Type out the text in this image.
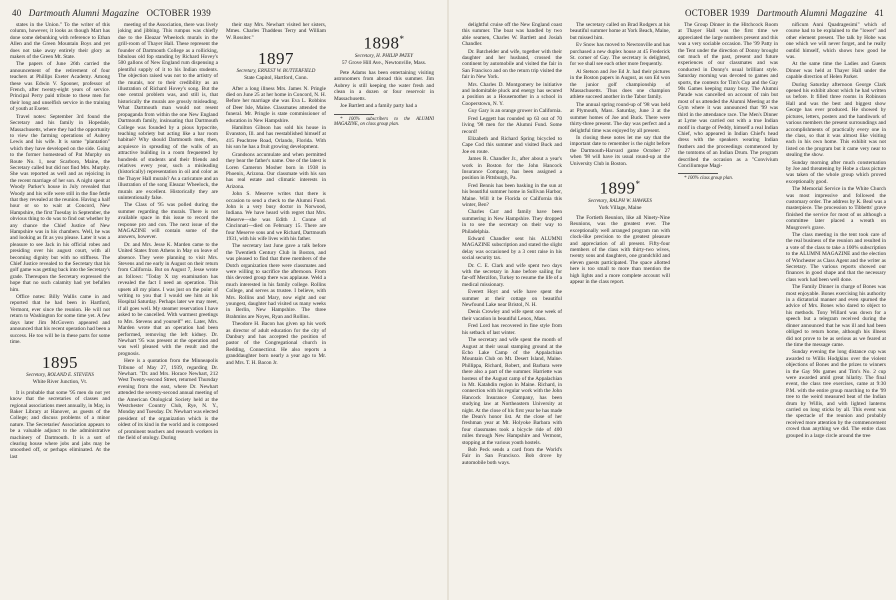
40 Dartmouth Alumni Magazine OCTOBER 1939	OCTOBER 1939 Dartmouth Alumni Magazine 41

states in the Union." To the writer of this column, however, it looks as though Mart has done some debunking with reference to Ethan Allen and the Green Mountain Boys and yet does not take away entirely their glory as makers of the Green Mt. State.

The papers of June 26th carried the announcement of the retirement of four teachers at Phillips Exeter Academy. Among these was Edwin V. Spooner, professor of French, after twenty-eight years of service. Principal Perry paid tribute to these men for their long and unselfish service in the training of youth at Exeter.

Travel notes: September 3rd found the Secretary and his family in Hopedale, Massachusetts, where they had the opportunity to view the farming operations of Aubrey Lewis and his wife. It is some "plantation" which they have developed on the side. Going to the former homestead of Pat Murphy on Route No. 1, near Scarboro, Maine, the Secretary called but did not find Mrs. Murphy. She was reported as well and as rejoicing in the recent marriage of her son. A night spent at Woody Parker's house in July revealed that Woody and his wife were still in the fine fettle that they revealed at the reunion. Having a half hour or so to wait at Concord, New Hampshire, the first Tuesday in September, the obvious thing to do was to find out whether by any chance the Chief Justice of New Hampshire was in his chambers. Well, he was and looking as fit as you please. Later it was a pleasure to see Jack in his official robes and presiding over his august court, with all becoming dignity but with no stiffness. The Chief Justice revealed to the Secretary that his golf game was getting back into the Secretary's grade. Thereupon the Secretary expressed the hope that no such calamity had yet befallen him.

Office notes: Billy Wallis came in and reported that he had been in Hartford, Vermont, ever since the reunion. He will not return to Washington for some time yet. A few days later Jim McGovern appeared and announced that his recent operation had been a success. He too will be in these parts for some time.

1895
Secretary, ROLAND E. STEVENS
White River Junction, Vt.

It is probable that some '95 men do not yet know that the secretaries of classes and regional associations meet annually, in May, in Baker Library at Hanover, as guests of the College; and discuss problems of a minor nature. The Secretaries' Association appears to be a valuable adjunct to the administrative machinery of Dartmouth. It is a sort of clearing house where jobs and jabs may be smoothed off, or perhaps eliminated. At the last

meeting of the Association, there was lively joking and jibbing. This rumpus was chiefly due to the Eleazar Wheelock murals in the grill-room of Thayer Hall. These represent the founder of Dartmouth College as a rollicking, bibulous old fop standing by Richard Hovey's 500 gallons of New England rum dispensing a plentiful supply of it to his Indian students. The objection raised was not to the artistry of the murals, nor to their credibility as an illustration of Richard Hovey's song. But the one central problem was, and still is, that historically the murals are grossly misleading. What Dartmouth man would not resent propaganda from within the one New England Dartmouth family, insinuating that Dartmouth College was founded by a pious hypocrite, teaching sobriety but acting like a bar room habitué? Why should Dartmouth men, then, acquiesce in spreading of the walls of an attractive building in a room frequented by hundreds of students and their friends and relatives every year, such a misleading (historically) representation in oil and color as the Thayer Hall murals? As a caricature and an illustration of the song Eleazar Wheelock, the murals are excellent. Historically they are unintentionally false.

The Class of '95 was polled during the summer regarding the murals. There is not available space in this issue to record the response pro and con. The next issue of the MAGAZINE will contain some of the answers, however.

Dr. and Mrs. Jesse K. Marden came to the United States from Athens in May on leave of absence. They were planning to visit Mrs. Stevens and me early in August on their return from California. But on August 7, Jesse wrote as follows: "Today X ray examination has revealed the fact I need an operation. This upsets all my plans. I was just on the point of writing to you that I would see him at his Hospital Saturday. Perhaps later we may meet, if all goes well. My steamer reservation I have asked to be cancelled. With warmest greetings to Mrs. Stevens and yourself" etc. Later, Mrs. Marden wrote that an operation had been performed, removing the left kidney. Dr. Newhart '95 was present at the operation and was well pleased with the result and the prognosis.

Here is a quotation from the Minneapolis Tribune of May 27, 1939, regarding Dr. Newhart. "Dr. and Mrs. Horace Newhart, 212 West Twenty-second Street, returned Thursday evening from the east, where Dr. Newhart attended the seventy-second annual meeting of the American Otological Society held at the Westchester Country Club, Rye, N. Y., Monday and Tuesday. Dr. Newhart was elected president of the organization which is the oldest of its kind in the world and is composed of prominent teachers and research workers in the field of otology. During

their stay Mrs. Newhart visited her sisters, Mmes. Charles Thaddeus Terry and William W. Rossiter."

1897
Secretary, ERNEST W. BUTTERFIELD
State Capitol, Hartford, Conn.

After a long illness Mrs. James N. Pringle died on June 25 at her home in Concord, N. H. Before her marriage she was Eva L. Robbins of Deer Isle, Maine. Classmates attended the funeral. Mr. Pringle is state commissioner of education in New Hampshire.

Hamilton Gibson has sold his house in Evanston, Ill. and has reestablished himself at 415 Peachtree Road, Orlando, Florida. With his son he has a fruit growing development.

Grandsons accumulate and when permitted they bear the father's name. One of the latest is Loren Cameron Mosher born in 1938 in Phoenix, Arizona. Our classmate with his son has real estate and climatic interests in Arizona.

John S. Meserve writes that there is occasion to send a check to the Alumni Fund. John is a very busy doctor in Norwood, Indiana. We have heard with regret that Mrs. Meserve—she was Edith J. Conne of Cincinnati—died on February 15. There are four Meserve sons and we Richard, Dartmouth 1931, with his wife lives with his father.

The secretary last June gave a talk before the Twentieth Century Club in Boston, and was pleased to find that three members of the Dutch organization there were classmates and were willing to sacrifice the afternoon. From this devoted group there was applause. Weld a much interested in his family college. Rollins College, and serves as trustee. I believe, with Mrs. Rollins and Mary, now eight and our youngest, daughter had visited us many weeks in Berlin, New Hampshire. The three Brahmins are Noyes, Ryan and Rollins.

Theodore H. Bacon has given up his work as director of adult education for the city of Danbury and has accepted the position of pastor of the Congregational church in Redding, Connecticut. He also reports a granddaughter born nearly a year ago to Mr. and Mrs. T. H. Bacon Jr.

1898*
Secretary, H. PHILIP PATEY
57 Grove Hill Ave., Newtonville, Mass.

Pete Adams has been entertaining visiting astronomers from abroad this summer. Jim Aubrey is still keeping the water fresh and clean in a dozen or four reservoir in Massachusetts.

Joe Bartlett and a family party had a

* 100% subscribers to the ALUMNI MAGAZINE, on class group plan.

delightful cruise off the New England coast this summer. The boat was handled by two able seamen, Charles W. Bartlett and Josiah Chandler.

Dr. Batchelder and wife, together with their daughter and her husband, crossed the continent by automobile and visited the fair in San Francisco and on the return trip visited the fair in New York.

Mrs. Charles D. Montgomery be initiative and indomitable pluck and energy has secured a position as a Housemother in a school in Cooperstown, N. Y.

Guy Gary is an orange grower in California.

Fred Leggett has rounded up 63 out of 70 living '98 men for the Alumni Fund. Some record!

Elizabeth and Richard Spring bicycled to Cape Cod this summer and visited Buck and Joe en route.

James R. Chandler Jr., after about a year's work in Boston for the John Hancock Insurance Company, has been assigned a position in Pittsburgh, Pa.

Fred Bennis has been basking in the sun at his beautiful summer home in Sullivan Harbor, Maine. Will it be Florida or California this winter, Ben?

Charles Carr and family have been summering in New Hampshire. They dropped in to see the secretary on their way to Philadelphia.

Edward Chandler sent his ALUMNI MAGAZINE subscription and stated the slight delay was occasioned by a 3 cent raise in his social security tax.

Dr. C. E. Clark and wife spent two days with the secretary in June before sailing for far-off Merzifon, Turkey to resume the life of a medical missionary.

Everett Hoyt and wife have spent the summer at their cottage on beautiful Newfound Lake near Bristol, N. H.

Denis Crowley and wife spent one week of their vacation in beautiful Lenox, Mass.

Fred Lord has recovered in fine style from his setback of last winter.

The secretary and wife spent the month of August at their usual stamping ground at the Echo Lake Camp of the Appalachian Mountain Club on Mt. Desert Island, Maine. Phillippa, Richard, Robert, and Barbara were there also a part of the summer. Harriette was hostess of the August camp of the Appalachian in Mt. Katahdin region in Maine. Richard, in connection with his regular work with the John Hancock Insurance Company, has been studying law at Northeastern University at night. At the close of his first year he has made the Dean's honor list. At the close of her freshman year at Mt. Holyoke Barbara with four classmates took a bicycle ride of 400 miles through New Hampshire and Vermont, stopping at the various youth hostels.

Bob Peck sends a card from the World's Fair in San Francisco. Bob drove by automobile both ways.

The secretary called on Brad Rodgers at his beautiful summer home at York Beach, Maine, but missed him.

Ev Snow has moved to Newtonville and has purchased a new duplex house at 45 Frederick St. corner of Gay. The secretary is delighted, for we shall see each other more frequently.

Al Stetson and Joe Ed Jr. had their pictures in the Boston papers in August, as son Ed won the junior golf championship of Massachusetts. Thus does one champion athlete succeed another in the Tabor family.

The annual spring round-up of '98 was held at Plymouth, Mass. Saturday, June 3 at the summer homes of Joe and Buck. There were thirty-three present. The day was perfect and a delightful time was enjoyed by all present.

In closing these notes let me say that the important date to remember is the night before the Dartmouth-Harvard game October 27 when '98 will have its usual round-up at the University Club in Boston.

1899*
Secretary, RALPH W. HAWKES
York Village, Maine

The Fortieth Reunion, like all Ninety-Nine Reunions, was the greatest ever. The exceptionally well arranged program ran with clock-like precision to the greatest pleasure and appreciation of all present. Fifty-four members of the class with thirty-two wives, twenty sons and daughters, one grandchild and eleven guests participated. The space allotted here is too small to more than mention the high lights and a more complete account will appear in the class report.

The Group Dinner in the Hitchcock Room at Thayer Hall was the first time we appreciated the large numbers present and this was a very sociable occasion. The '99 Patty in the Tent under the direction of Donny brought out much of the past, present and future experiences of our classmates and was conducted in Donny's usual brilliant style. Saturday morning was devoted to games and sports, the contests for Tim's Cup and the Gay 90s Games keeping many busy. The Alumni Parade was cancelled on account of rain but most of us attended the Alumni Meeting at the Gym where it was announced that '99 was third in the attendance race. The Men's Dinner at Lyme was carried out with a true Indian motif in charge of Peddy, himself a real Indian Chief, who appeared in Indian Chief's head dress with the speakers wearing Indian feathers and the proceedings commenced by the tomtoms of an Indian Drum. The program described the occasion as a "Convivium Conciliumque Magi-

* 100% class group plan.

nificum Anni Quadragesimi" which of course had to be explained to the "lower" and other element present. The talk by Hobe was one which we will never forget, and he really outdid himself, which shows how good he was.

At the same time the Ladies and Guests Dinner was held at Thayer Hall under the capable direction of Helen Parker.

During Saturday afternoon George Clark opened his exhibit about which he had written us before. It filled three rooms in Robinson Hall and was the best and biggest show George has ever produced. He showed by pictures, letters, posters and the handiwork of various members the present surroundings and accomplishments of practically every one in the class, so that it was almost like visiting each in his own home. This exhibit was not listed on the program but it came very near to stealing the show.

Sunday morning after much consternation by Joe and threatening by Hobe a class picture was taken of the whole group which proved exceptionally good.

The Memorial Service in the White Church was most impressive and followed the customary order. The address by K. Beal was a masterpiece. The procession to Tibbetts' grave finished the service for most of us although a committee later placed a wreath on Musgrove's grave.

The class meeting in the tent took care of the real business of the reunion and resulted in a vote of the class to take a 100% subscription to the ALUMNI MAGAZINE and the election of Winchester as Class Agent and the writer as Secretary. The various reports showed our finances in good shape and that the necessary class work had been well done.

The Family Dinner in charge of Bones was most enjoyable. Bones exercising his authority in a dictatorial manner and even spurned the advice of Mrs. Bones who dared to object to his methods. Tony Willard was down for a speech but a telegram received during the dinner announced that he was ill and had been obliged to return home, although his illness did not prove to be as serious as we feared at the time the message came.

Sunday evening the long distance cup was awarded to Willis Hodgkins over the violent objections of Bones and the prizes to winners in the Gay 90s games and Tim's No. 2 cup were awarded amid great hilarity. The final event, the class tree exercises, came at 9:30 P.M. with the entire group marching to the '99 tree to the weird measured beat of the Indian drum by Willis, and with lighted lanterns carried on long sticks by all. This event was the spectacle of the reunion and probably received more attention by the commencement crowd than anything we did. The entire class grouped in a large circle around the tree
